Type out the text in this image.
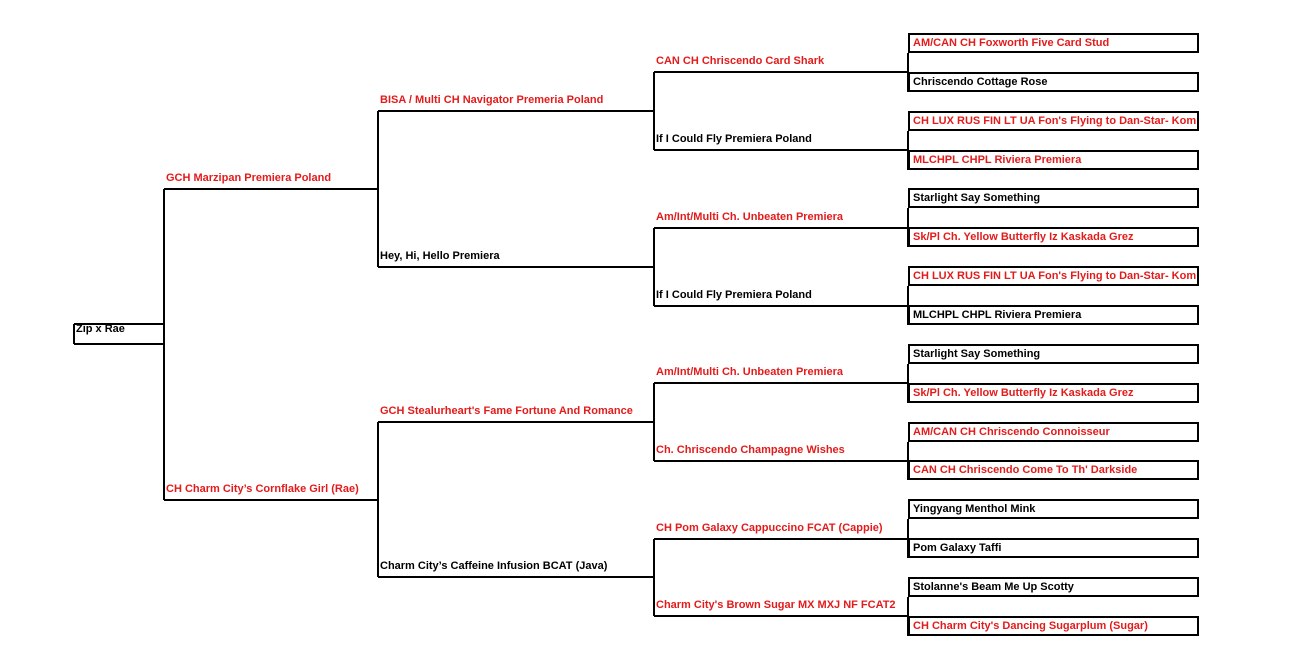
Zip x Rae
GCH Marzipan Premiera Poland
CH Charm City’s Cornflake Girl (Rae)
BISA / Multi CH Navigator Premeria Poland
Hey, Hi, Hello Premiera
GCH Stealurheart's Fame Fortune And Romance
Charm City’s Caffeine Infusion BCAT (Java)
CAN CH Chriscendo Card Shark
If I Could Fly Premiera Poland
Am/Int/Multi Ch. Unbeaten Premiera
If I Could Fly Premiera Poland
Am/Int/Multi Ch. Unbeaten Premiera
Ch. Chriscendo Champagne Wishes
CH Pom Galaxy Cappuccino FCAT (Cappie)
Charm City's Brown Sugar MX MXJ NF FCAT2
AM/CAN CH Foxworth Five Card Stud
Chriscendo Cottage Rose
CH LUX RUS FIN LT UA Fon's Flying to Dan-Star- Kom
MLCHPL CHPL Riviera Premiera
Starlight Say Something
Sk/Pl Ch. Yellow Butterfly Iz Kaskada Grez
CH LUX RUS FIN LT UA Fon's Flying to Dan-Star- Kom
MLCHPL CHPL Riviera Premiera
Starlight Say Something
Sk/Pl Ch. Yellow Butterfly Iz Kaskada Grez
AM/CAN CH Chriscendo Connoisseur
CAN CH Chriscendo Come To Th' Darkside
Yingyang Menthol Mink
Pom Galaxy Taffi
Stolanne's Beam Me Up Scotty
CH Charm City's Dancing Sugarplum (Sugar)
